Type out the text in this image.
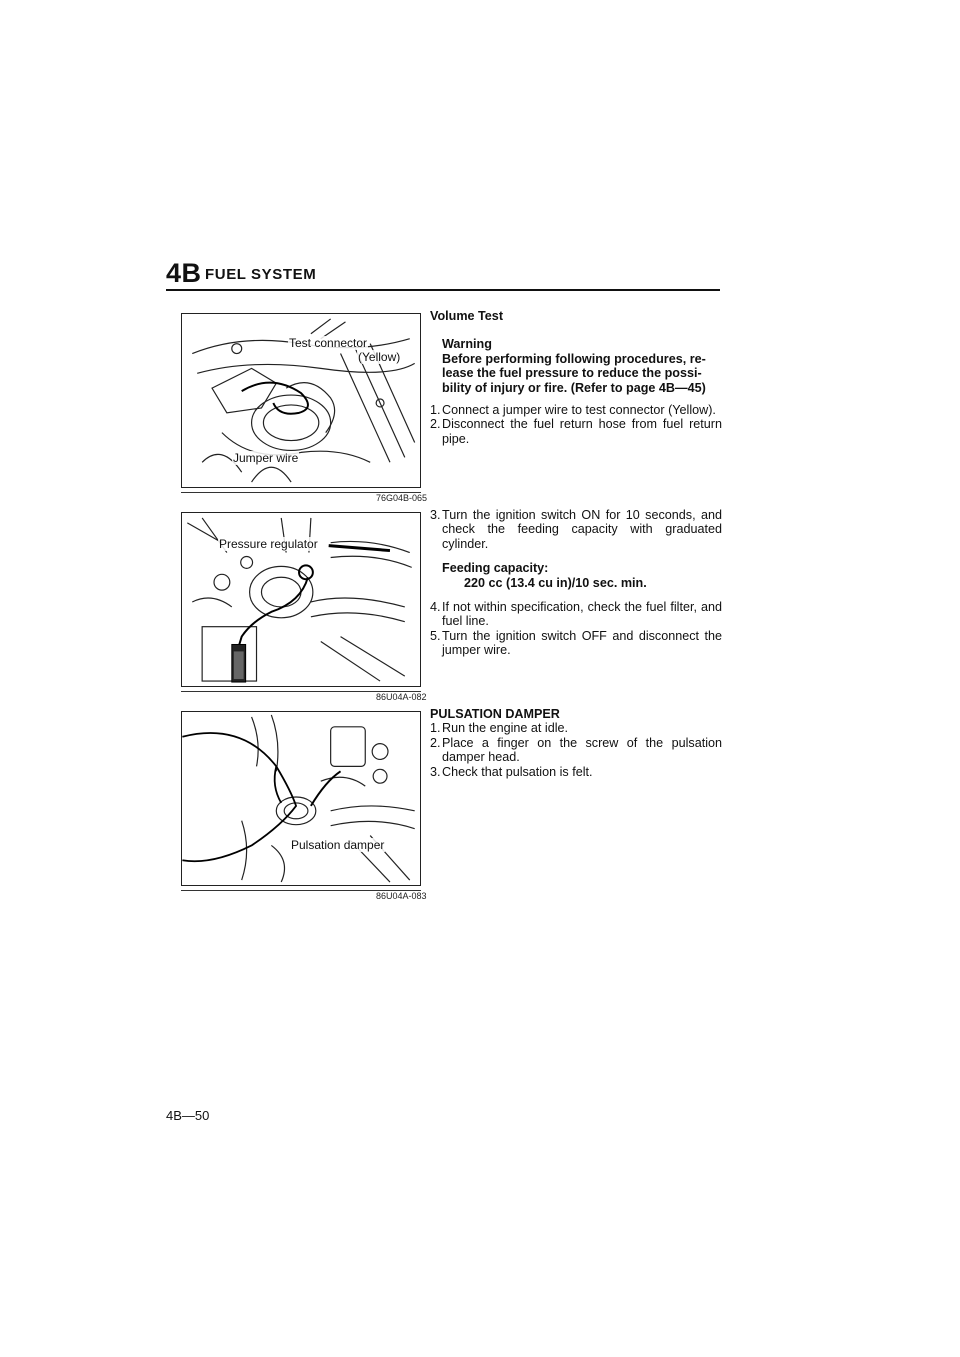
4B FUEL SYSTEM
Test connector
(Yellow)
Jumper wire
76G04B-065
Pressure regulator
86U04A-082
Pulsation damper
86U04A-083
Volume Test
Warning
Before performing following procedures, re-
lease the fuel pressure to reduce the possi-
bility of injury or fire. (Refer to page 4B—45)
1. Connect a jumper wire to test connector (Yellow).
2. Disconnect the fuel return hose from fuel return pipe.
3. Turn the ignition switch ON for 10 seconds, and check the feeding capacity with graduated cylinder.
Feeding capacity:
220 cc (13.4 cu in)/10 sec. min.
4. If not within specification, check the fuel filter, and fuel line.
5. Turn the ignition switch OFF and disconnect the jumper wire.
PULSATION DAMPER
1. Run the engine at idle.
2. Place a finger on the screw of the pulsation damper head.
3. Check that pulsation is felt.
4B—50
